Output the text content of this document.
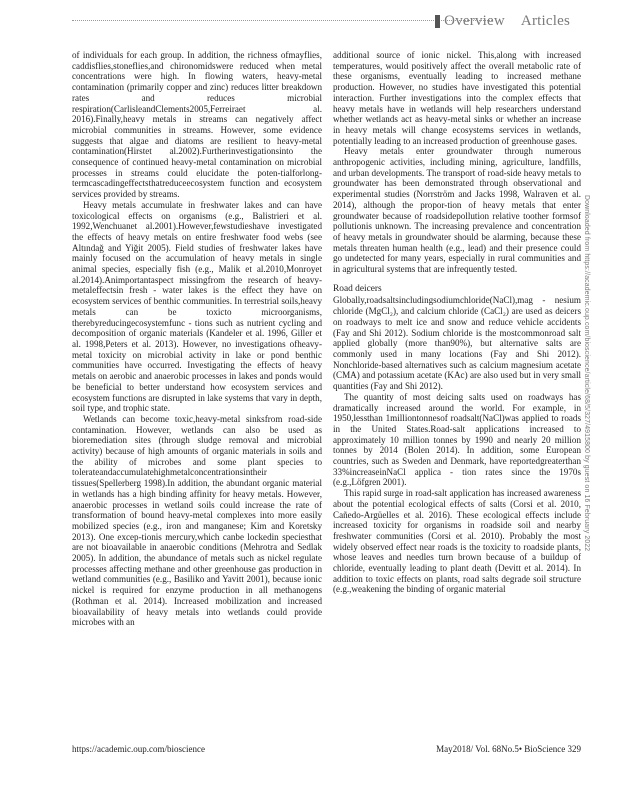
Overview Articles

of individuals for each group. In addition, the richness ofmayflies, caddisflies,stoneflies,and chironomidswere reduced when metal concentrations were high. In flowing waters, heavy-metal contamination (primarily copper and zinc) reduces litter breakdown rates and reduces microbial respiration(CarlisleandClements2005,Ferreiraet al. 2016).Finally,heavy metals in streams can negatively affect microbial communities in streams. However, some evidence suggests that algae and diatoms are resilient to heavy-metal contamination(Hirstet al.2002).Furtherinvestigationsinto the consequence of continued heavy-metal contamination on microbial processes in streams could elucidate the poten-tialforlong-termcascadingeffectsthatreduceecosystem function and ecosystem services provided by streams.

Heavy metals accumulate in freshwater lakes and can have toxicological effects on organisms (e.g., Balistrieri et al. 1992,Wenchuanet al.2001).However,fewstudieshave investigated the effects of heavy metals on entire freshwater food webs (see Altındağ and Yiğit 2005). Field studies of freshwater lakes have mainly focused on the accumulation of heavy metals in single animal species, especially fish (e.g., Malik et al.2010,Monroyet al.2014).Animportantaspect missingfrom the research of heavy-metaleffectsin fresh - water lakes is the effect they have on ecosystem services of benthic communities. In terrestrial soils,heavy metals can be toxicto microorganisms, therebyreducingecosystemfunc - tions such as nutrient cycling and decomposition of organic materials (Kandeler et al. 1996, Giller et al. 1998,Peters et al. 2013). However, no investigations ofheavy-metal toxicity on microbial activity in lake or pond benthic communities have occurred. Investigating the effects of heavy metals on aerobic and anaerobic processes in lakes and ponds would be beneficial to better understand how ecosystem services and ecosystem functions are disrupted in lake systems that vary in depth, soil type, and trophic state.

Wetlands can become toxic,heavy-metal sinksfrom road-side contamination. However, wetlands can also be used as bioremediation sites (through sludge removal and microbial activity) because of high amounts of organic materials in soils and the ability of microbes and some plant species to tolerateandaccumulatehighmetalconcentrationsintheir tissues(Spellerberg 1998).In addition, the abundant organic material in wetlands has a high binding affinity for heavy metals. However, anaerobic processes in wetland soils could increase the rate of transformation of bound heavy-metal complexes into more easily mobilized species (e.g., iron and manganese; Kim and Koretsky 2013). One excep-tionis mercury,which canbe lockedin speciesthat are not bioavailable in anaerobic conditions (Mehrotra and Sedlak 2005). In addition, the abundance of metals such as nickel regulate processes affecting methane and other greenhouse gas production in wetland communities (e.g., Basiliko and Yavitt 2001), because ionic nickel is required for enzyme production in all methanogens (Rothman et al. 2014). Increased mobilization and increased bioavailability of heavy metals into wetlands could provide microbes with an

additional source of ionic nickel. This,along with increased temperatures, would positively affect the overall metabolic rate of these organisms, eventually leading to increased methane production. However, no studies have investigated this potential interaction. Further investigations into the complex effects that heavy metals have in wetlands will help researchers understand whether wetlands act as heavy-metal sinks or whether an increase in heavy metals will change ecosystems services in wetlands, potentially leading to an increased production of greenhouse gases.

Heavy metals enter groundwater through numerous anthropogenic activities, including mining, agriculture, landfills, and urban developments. The transport of road-side heavy metals to groundwater has been demonstrated through observational and experimental studies (Norrström and Jacks 1998, Walraven et al. 2014), although the propor-tion of heavy metals that enter groundwater because of roadsidepollution relative toother formsof pollutionis unknown. The increasing prevalence and concentration of heavy metals in groundwater should be alarming, because these metals threaten human health (e.g., lead) and their presence could go undetected for many years, especially in rural communities and in agricultural systems that are infrequently tested.

Road deicers

Globally,roadsaltsincludingsodiumchloride(NaCl),mag - nesium chloride (MgCl₂), and calcium chloride (CaCl₂) are used as deicers on roadways to melt ice and snow and reduce vehicle accidents (Fay and Shi 2012). Sodium chloride is the mostcommonroad salt applied globally (more than90%), but alternative salts are commonly used in many locations (Fay and Shi 2012). Nonchloride-based alternatives such as calcium magnesium acetate (CMA) and potassium acetate (KAc) are also used but in very small quantities (Fay and Shi 2012).

The quantity of most deicing salts used on roadways has dramatically increased around the world. For example, in 1950,lessthan 1milliontonnesof roadsalt(NaCl)was applied to roads in the United States.Road-salt applications increased to approximately 10 million tonnes by 1990 and nearly 20 million tonnes by 2014 (Bolen 2014). In addition, some European countries, such as Sweden and Denmark, have reportedgreaterthan 33%increaseinNaCl applica - tion rates since the 1970s (e.g.,Löfgren 2001).

This rapid surge in road-salt application has increased awareness about the potential ecological effects of salts (Corsi et al. 2010, Cañedo-Argüelles et al. 2016). These ecological effects include increased toxicity for organisms in roadside soil and nearby freshwater communities (Corsi et al. 2010). Probably the most widely observed effect near roads is the toxicity to roadside plants, whose leaves and needles turn brown because of a buildup of chloride, eventually leading to plant death (Devitt et al. 2014). In addition to toxic effects on plants, road salts degrade soil structure (e.g.,weakening the binding of organic material

Downloaded from https://academic.oup.com/bioscience/article/68/5/327/4915800 by guest on 16 February 2022
https://academic.oup.com/bioscience	May2018/ Vol. 68No.5• BioScience 329
